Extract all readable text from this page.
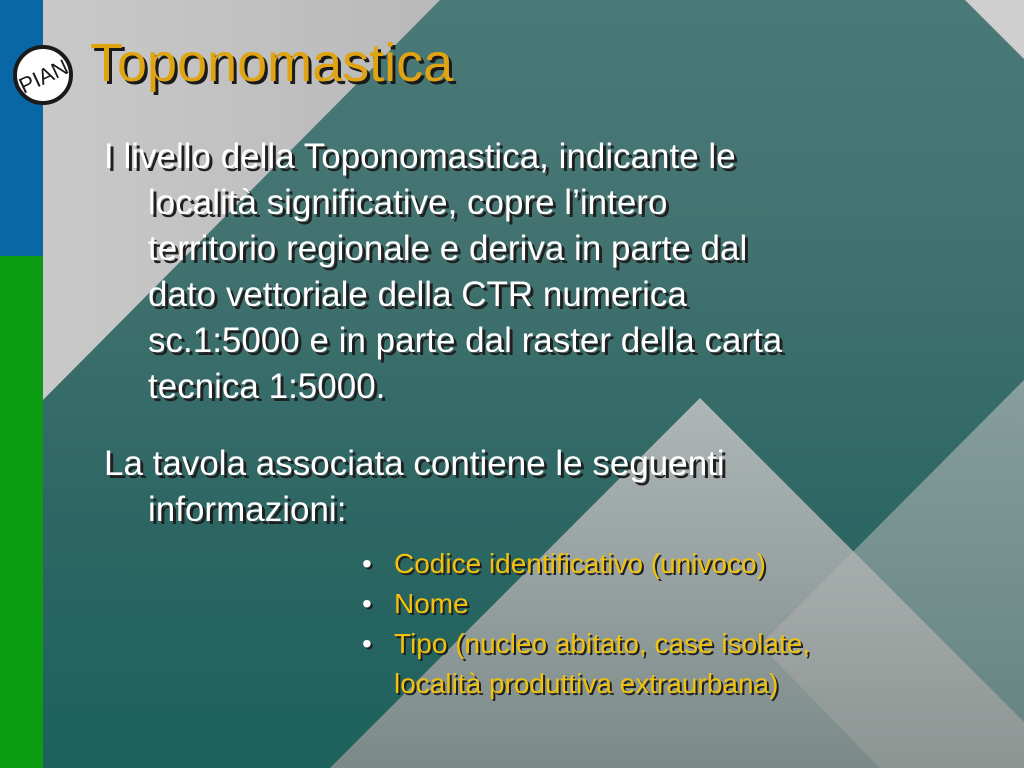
PIAN Toponomastica

I livello della Toponomastica, indicante le
località significative, copre l’intero
territorio regionale e deriva in parte dal
dato vettoriale della CTR numerica
sc.1:5000 e in parte dal raster della carta
tecnica 1:5000.

La tavola associata contiene le seguenti
informazioni:

• Codice identificativo (univoco)
• Nome
• Tipo (nucleo abitato, case isolate,
località produttiva extraurbana)
